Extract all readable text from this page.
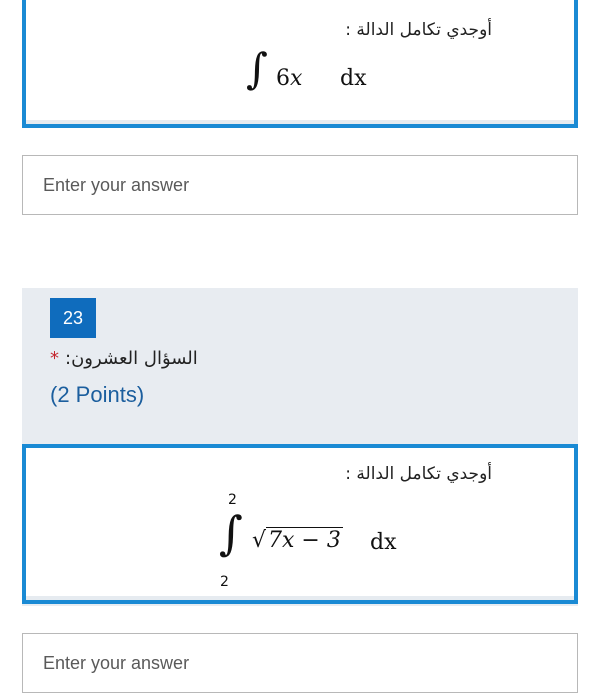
أوجدي تكامل الدالة :
∫ 6x dx
Enter your answer
23
* :السؤال العشرون
(2 Points)
أوجدي تكامل الدالة :
2
∫
2
√7x − 3 dx
Enter your answer
